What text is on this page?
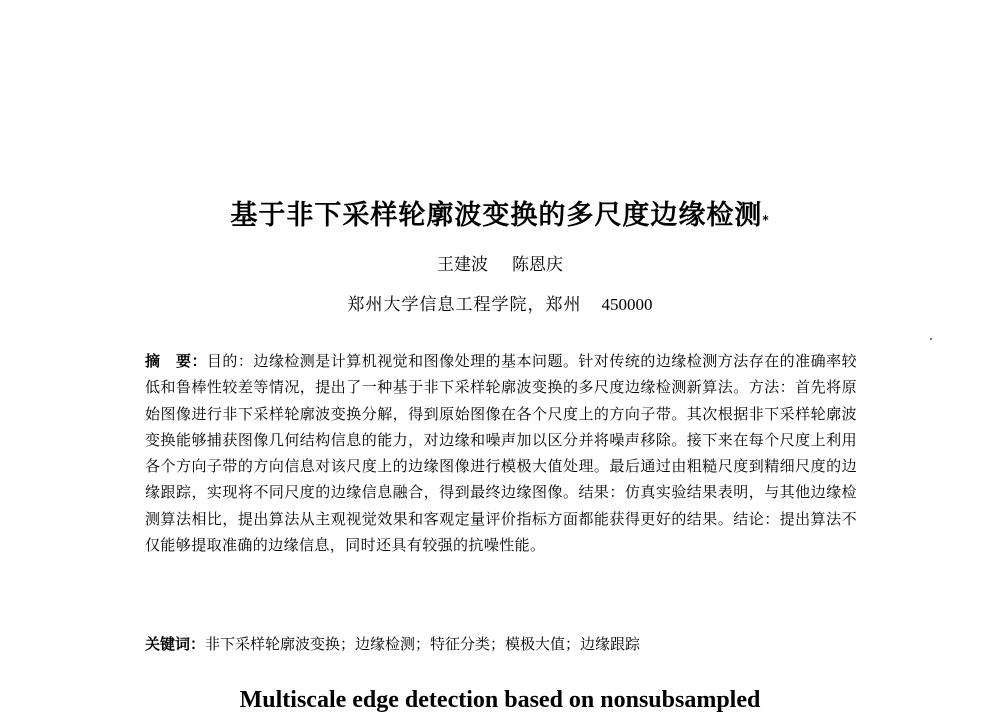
基于非下采样轮廓波变换的多尺度边缘检测*
王建波 陈恩庆
郑州大学信息工程学院，郑州 450000
摘　要：目的：边缘检测是计算机视觉和图像处理的基本问题。针对传统的边缘检测方法存在的准确率较低和鲁棒性较差等情况，提出了一种基于非下采样轮廓波变换的多尺度边缘检测新算法。方法：首先将原始图像进行非下采样轮廓波变换分解，得到原始图像在各个尺度上的方向子带。其次根据非下采样轮廓波变换能够捕获图像几何结构信息的能力，对边缘和噪声加以区分并将噪声移除。接下来在每个尺度上利用各个方向子带的方向信息对该尺度上的边缘图像进行模极大值处理。最后通过由粗糙尺度到精细尺度的边缘跟踪，实现将不同尺度的边缘信息融合，得到最终边缘图像。结果：仿真实验结果表明，与其他边缘检测算法相比，提出算法从主观视觉效果和客观定量评价指标方面都能获得更好的结果。结论：提出算法不仅能够提取准确的边缘信息，同时还具有较强的抗噪性能。
关键词：非下采样轮廓波变换；边缘检测；特征分类；模极大值；边缘跟踪
Multiscale edge detection based on nonsubsampled
